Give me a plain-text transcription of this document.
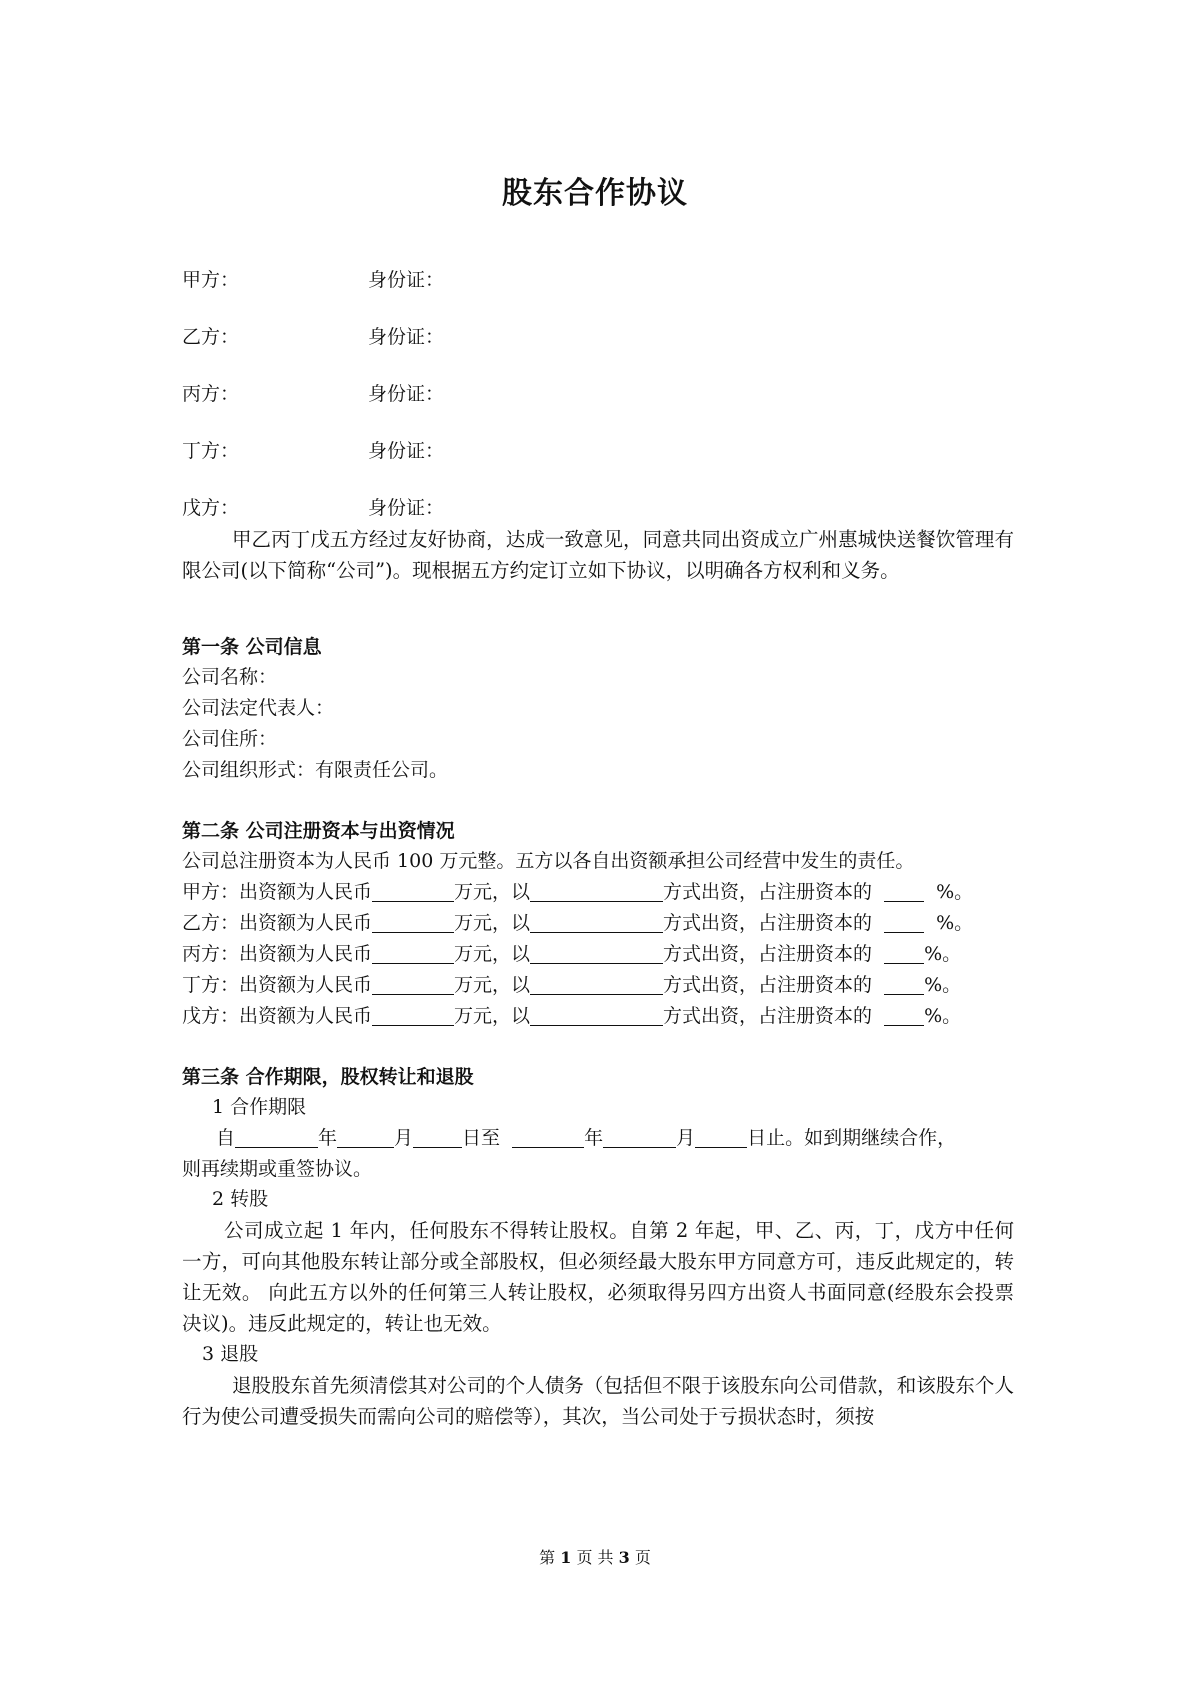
股东合作协议
甲方：	身份证：
乙方：	身份证：
丙方：	身份证：
丁方：	身份证：
戊方：	身份证：
甲乙丙丁戊五方经过友好协商，达成一致意见，同意共同出资成立广州惠城快送餐饮管理有限公司(以下简称“公司”)。现根据五方约定订立如下协议，以明确各方权利和义务。
第一条 公司信息
公司名称：
公司法定代表人：
公司住所：
公司组织形式：有限责任公司。
第二条 公司注册资本与出资情况
公司总注册资本为人民币 100 万元整。五方以各自出资额承担公司经营中发生的责任。
甲方：出资额为人民币	万元，以	方式出资，占注册资本的	%。
乙方：出资额为人民币	万元，以	方式出资，占注册资本的	%。
丙方：出资额为人民币	万元，以	方式出资，占注册资本的	%。
丁方：出资额为人民币	万元，以	方式出资，占注册资本的	%。
戊方：出资额为人民币	万元，以	方式出资，占注册资本的	%。
第三条 合作期限，股权转让和退股
1 合作期限
自	年	月	日至	年	月	日止。如到期继续合作，
则再续期或重签协议。
2 转股
公司成立起 1 年内，任何股东不得转让股权。自第 2 年起，甲、乙、丙，丁，戊方中任何一方，可向其他股东转让部分或全部股权，但必须经最大股东甲方同意方可，违反此规定的，转让无效。 向此五方以外的任何第三人转让股权，必须取得另四方出资人书面同意(经股东会投票决议)。违反此规定的，转让也无效。
3 退股
退股股东首先须清偿其对公司的个人债务（包括但不限于该股东向公司借款，和该股东个人行为使公司遭受损失而需向公司的赔偿等），其次，当公司处于亏损状态时，须按
第 1 页 共 3 页
